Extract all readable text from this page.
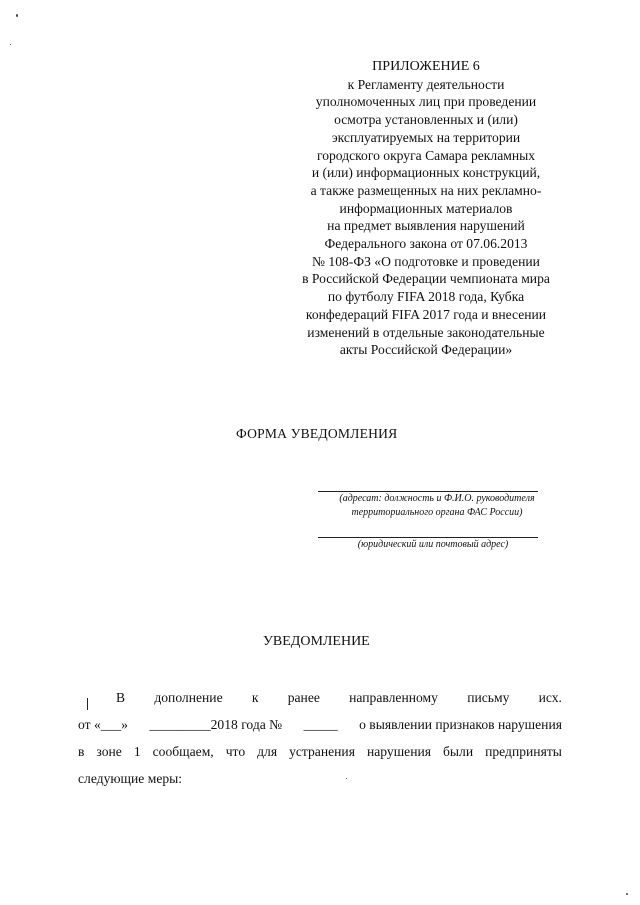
ПРИЛОЖЕНИЕ 6
к Регламенту деятельности
уполномоченных лиц при проведении
осмотра установленных и (или)
эксплуатируемых на территории
городского округа Самара рекламных
и (или) информационных конструкций,
а также размещенных на них рекламно-
информационных материалов
на предмет выявления нарушений
Федерального закона от 07.06.2013
№ 108-ФЗ «О подготовке и проведении
в Российской Федерации чемпионата мира
по футболу FIFA 2018 года, Кубка
конфедераций FIFA 2017 года и внесении
изменений в отдельные законодательные
акты Российской Федерации»
ФОРМА УВЕДОМЛЕНИЯ
(адресат: должность и Ф.И.О. руководителя
территориального органа ФАС России)
(юридический или почтовый адрес)
УВЕДОМЛЕНИЕ
В дополнение к ранее направленному письму исх.
от «___» _________2018 года № _____ о выявлении признаков нарушения
в зоне 1 сообщаем, что для устранения нарушения были предприняты
следующие меры:
